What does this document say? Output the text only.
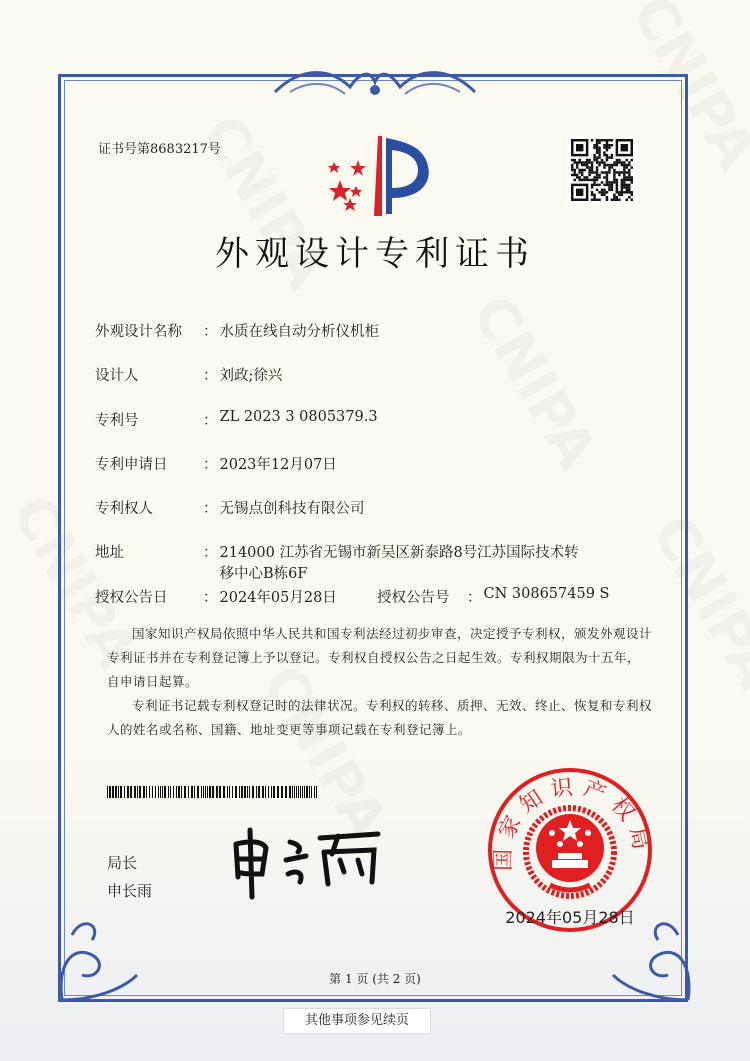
证书号第8683217号
外观设计专利证书
外观设计名称	： 水质在线自动分析仪机柜
设计人	： 刘政;徐兴
专利号	： ZL 2023 3 0805379.3
专利申请日	： 2023年12月07日
专利权人	： 无锡点创科技有限公司
地址	： 214000 江苏省无锡市新吴区新泰路8号江苏国际技术转
移中心B栋6F
授权公告日	： 2024年05月28日	授权公告号	： CN 308657459 S
国家知识产权局依照中华人民共和国专利法经过初步审查，决定授予专利权，颁发外观设计专利证书并在专利登记簿上予以登记。专利权自授权公告之日起生效。专利权期限为十五年，自申请日起算。
专利证书记载专利权登记时的法律状况。专利权的转移、质押、无效、终止、恢复和专利权人的姓名或名称、国籍、地址变更等事项记载在专利登记簿上。
局长
申长雨
国家知识产权局
2024年05月28日
第 1 页 (共 2 页)
其他事项参见续页
